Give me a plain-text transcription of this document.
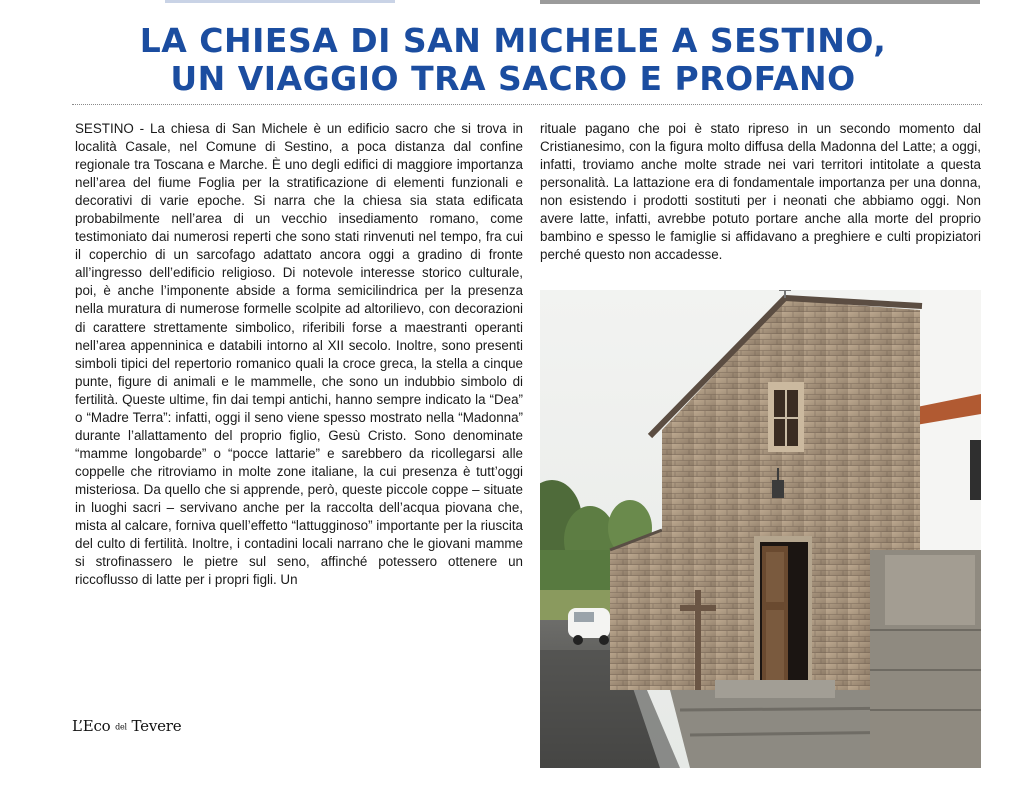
LA CHIESA DI SAN MICHELE A SESTINO,
UN VIAGGIO TRA SACRO E PROFANO

SESTINO - La chiesa di San Michele è un edificio sacro che si trova in località Casale, nel Comune di Sestino, a poca distanza dal confine regionale tra Toscana e Marche. È uno degli edifici di maggiore importanza nell’area del fiume Foglia per la stratificazione di elementi funzionali e decorativi di varie epoche. Si narra che la chiesa sia stata edificata probabilmente nell’area di un vecchio insediamento romano, come testimoniato dai numerosi reperti che sono stati rinvenuti nel tempo, fra cui il coperchio di un sarcofago adattato ancora oggi a gradino di fronte all’ingresso dell’edificio religioso. Di notevole interesse storico culturale, poi, è anche l’imponente abside a forma semicilindrica per la presenza nella muratura di numerose formelle scolpite ad altorilievo, con decorazioni di carattere strettamente simbolico, riferibili forse a maestranti operanti nell’area appenninica e databili intorno al XII secolo. Inoltre, sono presenti simboli tipici del repertorio romanico quali la croce greca, la stella a cinque punte, figure di animali e le mammelle, che sono un indubbio simbolo di fertilità. Queste ultime, fin dai tempi antichi, hanno sempre indicato la “Dea” o “Madre Terra”: infatti, oggi il seno viene spesso mostrato nella “Madonna” durante l’allattamento del proprio figlio, Gesù Cristo. Sono denominate “mamme longobarde” o “pocce lattarie” e sarebbero da ricollegarsi alle coppelle che ritroviamo in molte zone italiane, la cui presenza è tutt’oggi misteriosa. Da quello che si apprende, però, queste piccole coppe – situate in luoghi sacri – servivano anche per la raccolta dell’acqua piovana che, mista al calcare, forniva quell’effetto “lattugginoso” importante per la riuscita del culto di fertilità. Inoltre, i contadini locali narrano che le giovani mamme si strofinassero le pietre sul seno, affinché potessero ottenere un riccoflusso di latte per i propri figli. Un

rituale pagano che poi è stato ripreso in un secondo momento dal Cristianesimo, con la figura molto diffusa della Madonna del Latte; a oggi, infatti, troviamo anche molte strade nei vari territori intitolate a questa personalità. La lattazione era di fondamentale importanza per una donna, non esistendo i prodotti sostituti per i neonati che abbiamo oggi. Non avere latte, infatti, avrebbe potuto portare anche alla morte del proprio bambino e spesso le famiglie si affidavano a preghiere e culti propiziatori perché questo non accadesse.

L’Eco del Tevere
